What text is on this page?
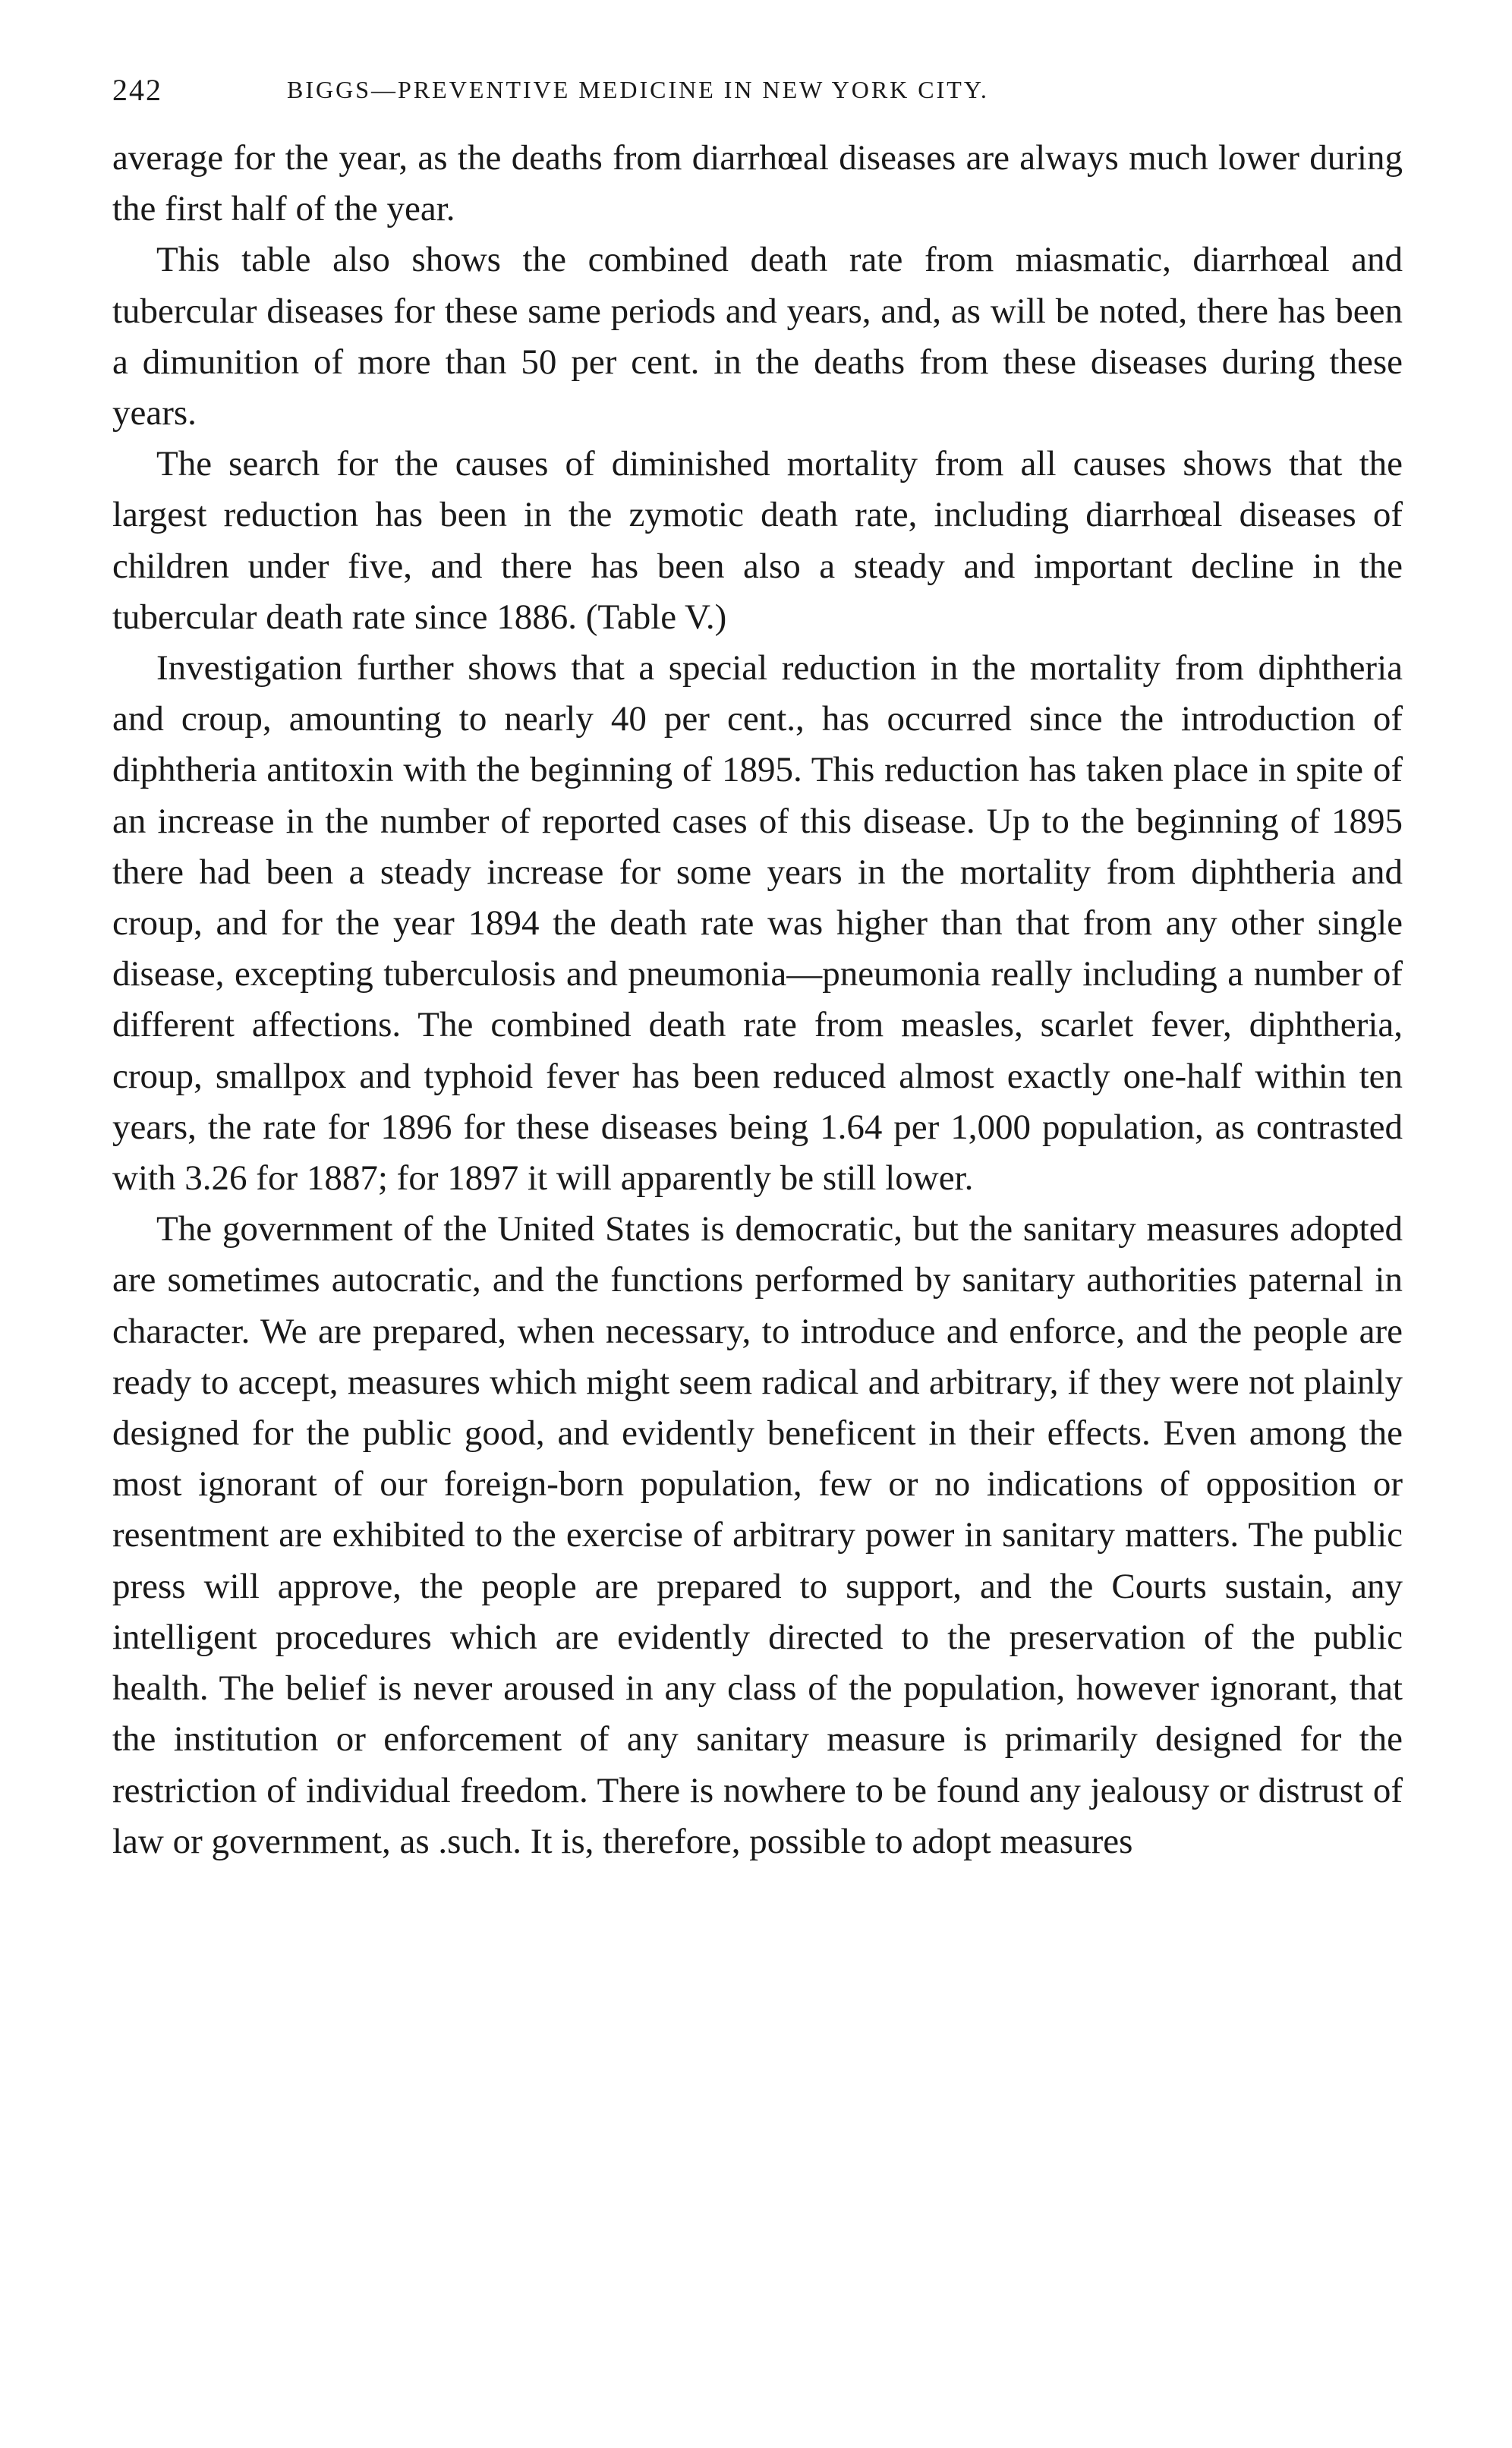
242	BIGGS—PREVENTIVE MEDICINE IN NEW YORK CITY.

average for the year, as the deaths from diarrhœal diseases are always much lower during the first half of the year.

This table also shows the combined death rate from miasmatic, diarrhœal and tubercular diseases for these same periods and years, and, as will be noted, there has been a dimunition of more than 50 per cent. in the deaths from these diseases during these years.

The search for the causes of diminished mortality from all causes shows that the largest reduction has been in the zymotic death rate, including diarrhœal diseases of children under five, and there has been also a steady and important decline in the tubercular death rate since 1886. (Table V.)

Investigation further shows that a special reduction in the mortality from diphtheria and croup, amounting to nearly 40 per cent., has occurred since the introduction of diphtheria antitoxin with the beginning of 1895. This reduction has taken place in spite of an increase in the number of reported cases of this disease. Up to the beginning of 1895 there had been a steady increase for some years in the mortality from diphtheria and croup, and for the year 1894 the death rate was higher than that from any other single disease, excepting tuberculosis and pneumonia—pneumonia really including a number of different affections. The combined death rate from measles, scarlet fever, diphtheria, croup, smallpox and typhoid fever has been reduced almost exactly one-half within ten years, the rate for 1896 for these diseases being 1.64 per 1,000 population, as contrasted with 3.26 for 1887; for 1897 it will apparently be still lower.

The government of the United States is democratic, but the sanitary measures adopted are sometimes autocratic, and the functions performed by sanitary authorities paternal in character. We are prepared, when necessary, to introduce and enforce, and the people are ready to accept, measures which might seem radical and arbitrary, if they were not plainly designed for the public good, and evidently beneficent in their effects. Even among the most ignorant of our foreign-born population, few or no indications of opposition or resentment are exhibited to the exercise of arbitrary power in sanitary matters. The public press will approve, the people are prepared to support, and the Courts sustain, any intelligent procedures which are evidently directed to the preservation of the public health. The belief is never aroused in any class of the population, however ignorant, that the institution or enforcement of any sanitary measure is primarily designed for the restriction of individual freedom. There is nowhere to be found any jealousy or distrust of law or government, as .such. It is, therefore, possible to adopt measures
